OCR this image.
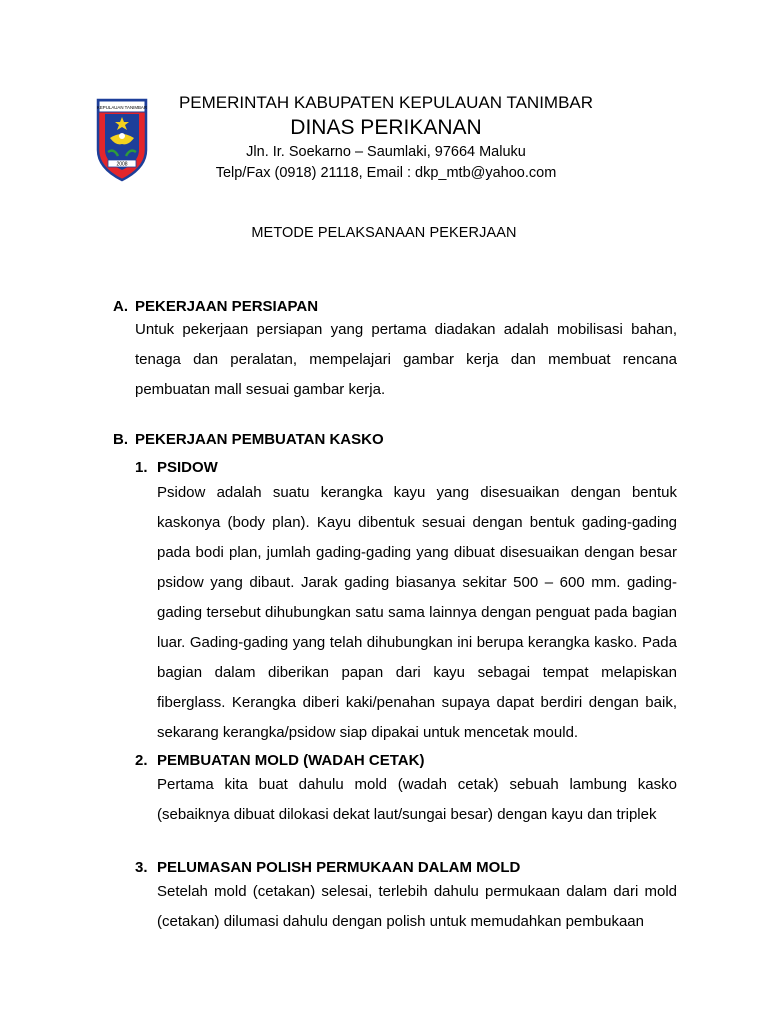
KEPULAUAN TANIMBAR
2008
PEMERINTAH KABUPATEN KEPULAUAN TANIMBAR
DINAS PERIKANAN
Jln. Ir. Soekarno – Saumlaki, 97664 Maluku
Telp/Fax (0918) 21118, Email : dkp_mtb@yahoo.com
METODE PELAKSANAAN PEKERJAAN
A. PEKERJAAN PERSIAPAN

Untuk pekerjaan persiapan yang pertama diadakan adalah mobilisasi bahan, tenaga dan peralatan, mempelajari gambar kerja dan membuat rencana pembuatan mall sesuai gambar kerja.

B. PEKERJAAN PEMBUATAN KASKO
1. PSIDOW

Psidow adalah suatu kerangka kayu yang disesuaikan dengan bentuk kaskonya (body plan). Kayu dibentuk sesuai dengan bentuk gading-gading pada bodi plan, jumlah gading-gading yang dibuat disesuaikan dengan besar psidow yang dibaut. Jarak gading biasanya sekitar 500 – 600 mm. gading-gading tersebut dihubungkan satu sama lainnya dengan penguat pada bagian luar. Gading-gading yang telah dihubungkan ini berupa kerangka kasko. Pada bagian dalam diberikan papan dari kayu sebagai tempat melapiskan fiberglass. Kerangka diberi kaki/penahan supaya dapat berdiri dengan baik, sekarang kerangka/psidow siap dipakai untuk mencetak mould.

2. PEMBUATAN MOLD (WADAH CETAK)

Pertama kita buat dahulu mold (wadah cetak) sebuah lambung kasko (sebaiknya dibuat dilokasi dekat laut/sungai besar) dengan kayu dan triplek

3. PELUMASAN POLISH PERMUKAAN DALAM MOLD

Setelah mold (cetakan) selesai, terlebih dahulu permukaan dalam dari mold (cetakan) dilumasi dahulu dengan polish untuk memudahkan pembukaan
